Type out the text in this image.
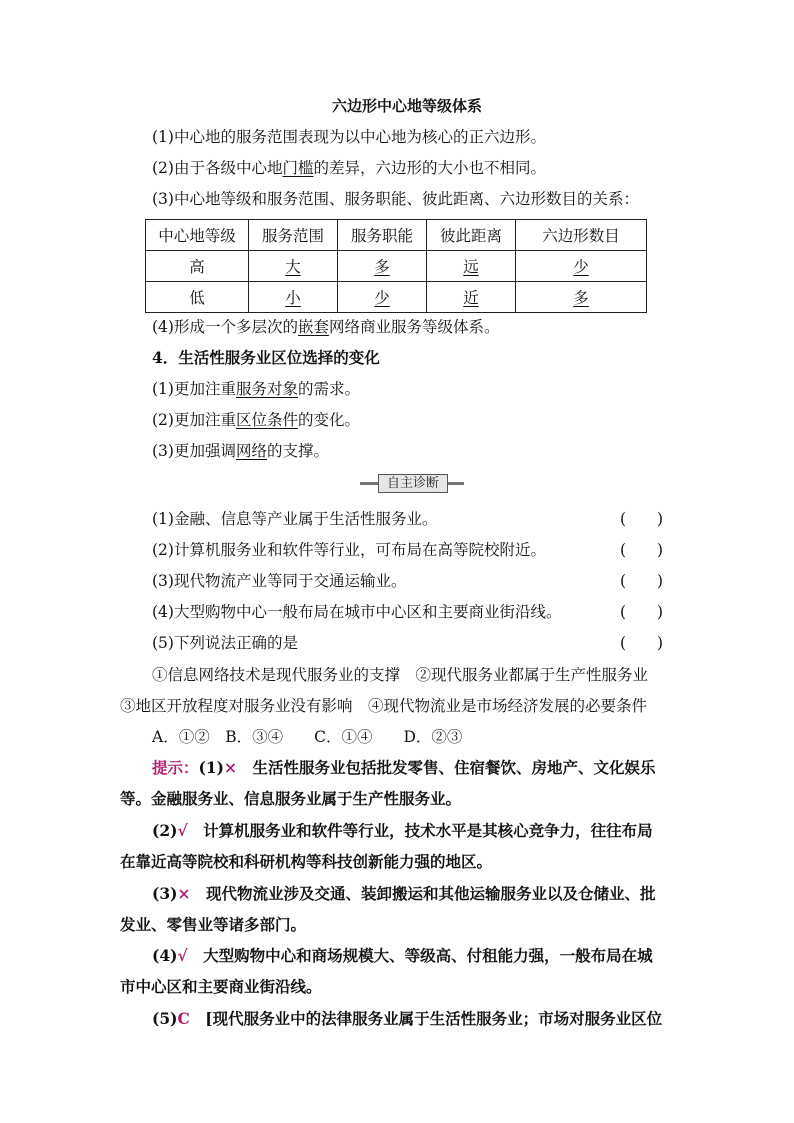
六边形中心地等级体系
(1)中心地的服务范围表现为以中心地为核心的正六边形。
(2)由于各级中心地门槛的差异，六边形的大小也不相同。
(3)中心地等级和服务范围、服务职能、彼此距离、六边形数目的关系：
中心地等级	服务范围	服务职能	彼此距离	六边形数目
高	大	多	远	少
低	小	少	近	多
(4)形成一个多层次的嵌套网络商业服务等级体系。
4．生活性服务业区位选择的变化
(1)更加注重服务对象的需求。
(2)更加注重区位条件的变化。
(3)更加强调网络的支撑。
自主诊断
(1)金融、信息等产业属于生活性服务业。	(　　)
(2)计算机服务业和软件等行业，可布局在高等院校附近。	(　　)
(3)现代物流产业等同于交通运输业。	(　　)
(4)大型购物中心一般布局在城市中心区和主要商业街沿线。	(　　)
(5)下列说法正确的是	(　　)
①信息网络技术是现代服务业的支撑　②现代服务业都属于生产性服务业
③地区开放程度对服务业没有影响　④现代物流业是市场经济发展的必要条件
A．①②　B．③④　　C．①④　　D．②③
提示：(1)×　生活性服务业包括批发零售、住宿餐饮、房地产、文化娱乐
等。金融服务业、信息服务业属于生产性服务业。
(2)√　计算机服务业和软件等行业，技术水平是其核心竞争力，往往布局
在靠近高等院校和科研机构等科技创新能力强的地区。
(3)×　现代物流业涉及交通、装卸搬运和其他运输服务业以及仓储业、批
发业、零售业等诸多部门。
(4)√　大型购物中心和商场规模大、等级高、付租能力强，一般布局在城
市中心区和主要商业街沿线。
(5)C　[现代服务业中的法律服务业属于生活性服务业；市场对服务业区位
